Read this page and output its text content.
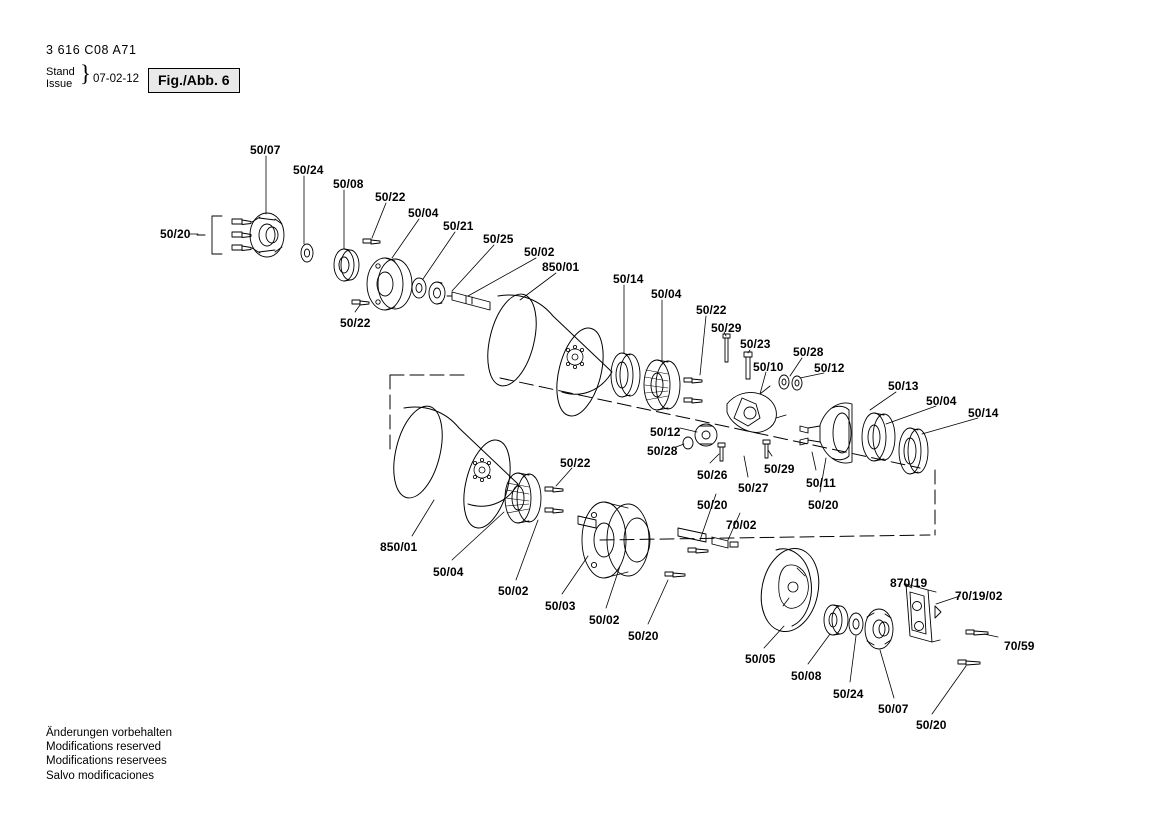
3 616 C08 A71
Stand
Issue } 07-02-12	Fig./Abb. 6
50/07
50/24
50/08
50/22
50/04
50/21
50/25
50/02
850/01
50/20
50/22
50/14
50/04
50/22
50/29
50/23
50/10
50/28
50/12
50/13
50/04
50/14
50/12
50/28
50/26
50/27
50/29
50/11
50/20
50/22
850/01
50/04
50/02
50/03
50/02
50/20
50/20
70/02
870/19
70/19/02
70/59
50/05
50/08
50/24
50/07
50/20
Änderungen vorbehalten
Modifications reserved
Modifications reservees
Salvo modificaciones
